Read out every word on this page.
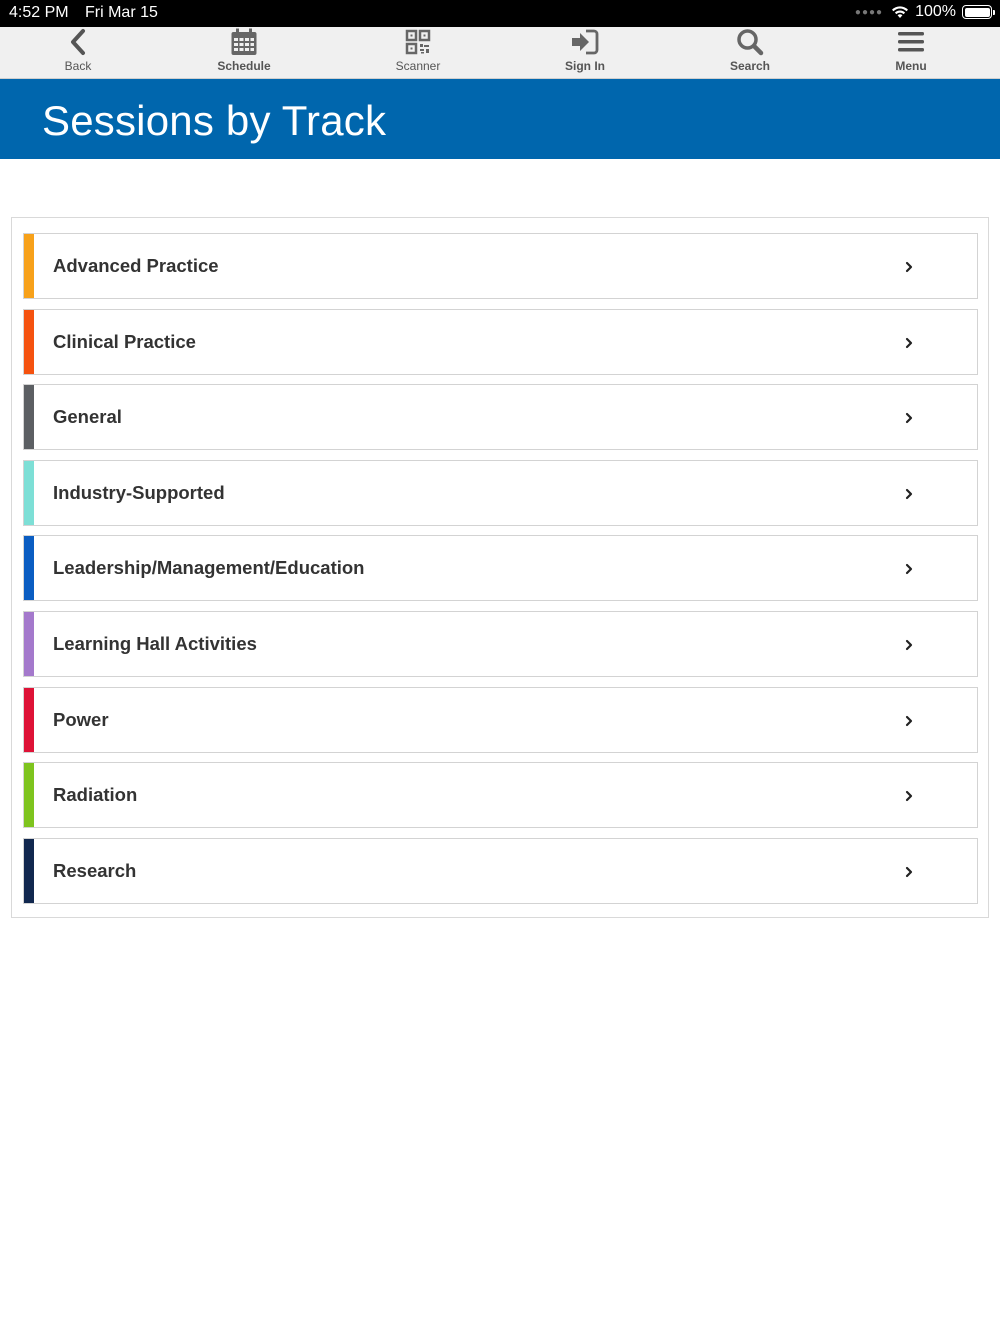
4:52 PM Fri Mar 15	●●●● 100%
Back	Schedule	Scanner	Sign In	Search	Menu
Sessions by Track
Advanced Practice
Clinical Practice
General
Industry-Supported
Leadership/Management/Education
Learning Hall Activities
Power
Radiation
Research
